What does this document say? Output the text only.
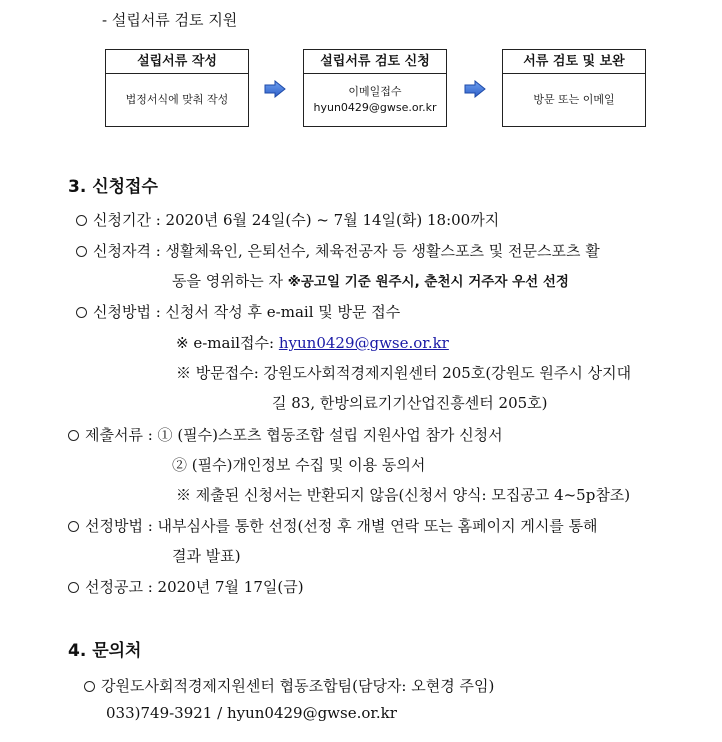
- 설립서류 검토 지원
설립서류 작성
법정서식에 맞춰 작성
설립서류 검토 신청
이메일접수
hyun0429@gwse.or.kr
서류 검토 및 보완
방문 또는 이메일
3. 신청접수
신청기간 : 2020년 6월 24일(수) ~ 7월 14일(화) 18:00까지
신청자격 : 생활체육인, 은퇴선수, 체육전공자 등 생활스포츠 및 전문스포츠 활
동을 영위하는 자 ※공고일 기준 원주시, 춘천시 거주자 우선 선정
신청방법 : 신청서 작성 후 e-mail 및 방문 접수
※ e-mail접수: hyun0429@gwse.or.kr
※ 방문접수: 강원도사회적경제지원센터 205호(강원도 원주시 상지대
길 83, 한방의료기기산업진흥센터 205호)
제출서류 : ① (필수)스포츠 협동조합 설립 지원사업 참가 신청서
② (필수)개인정보 수집 및 이용 동의서
※ 제출된 신청서는 반환되지 않음(신청서 양식: 모집공고 4~5p참조)
선정방법 : 내부심사를 통한 선정(선정 후 개별 연락 또는 홈페이지 게시를 통해
결과 발표)
선정공고 : 2020년 7월 17일(금)
4. 문의처
강원도사회적경제지원센터 협동조합팀(담당자: 오현경 주임)
033)749-3921 / hyun0429@gwse.or.kr
